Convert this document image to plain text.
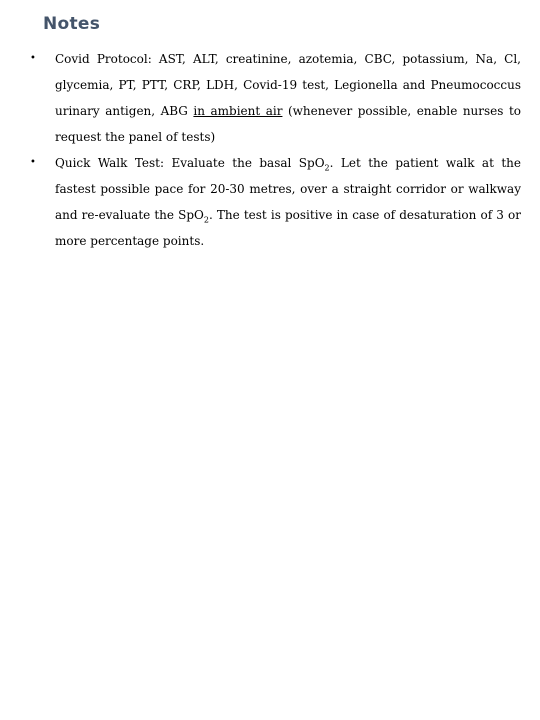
Notes
• Covid Protocol: AST, ALT, creatinine, azotemia, CBC, potassium, Na, Cl, glycemia, PT, PTT, CRP, LDH, Covid-19 test, Legionella and Pneumococcus urinary antigen, ABG in ambient air (whenever possible, enable nurses to request the panel of tests)
• Quick Walk Test: Evaluate the basal SpO$_2$. Let the patient walk at the fastest possible pace for 20-30 metres, over a straight corridor or walkway and re-evaluate the SpO$_2$. The test is positive in case of desaturation of 3 or more percentage points.
